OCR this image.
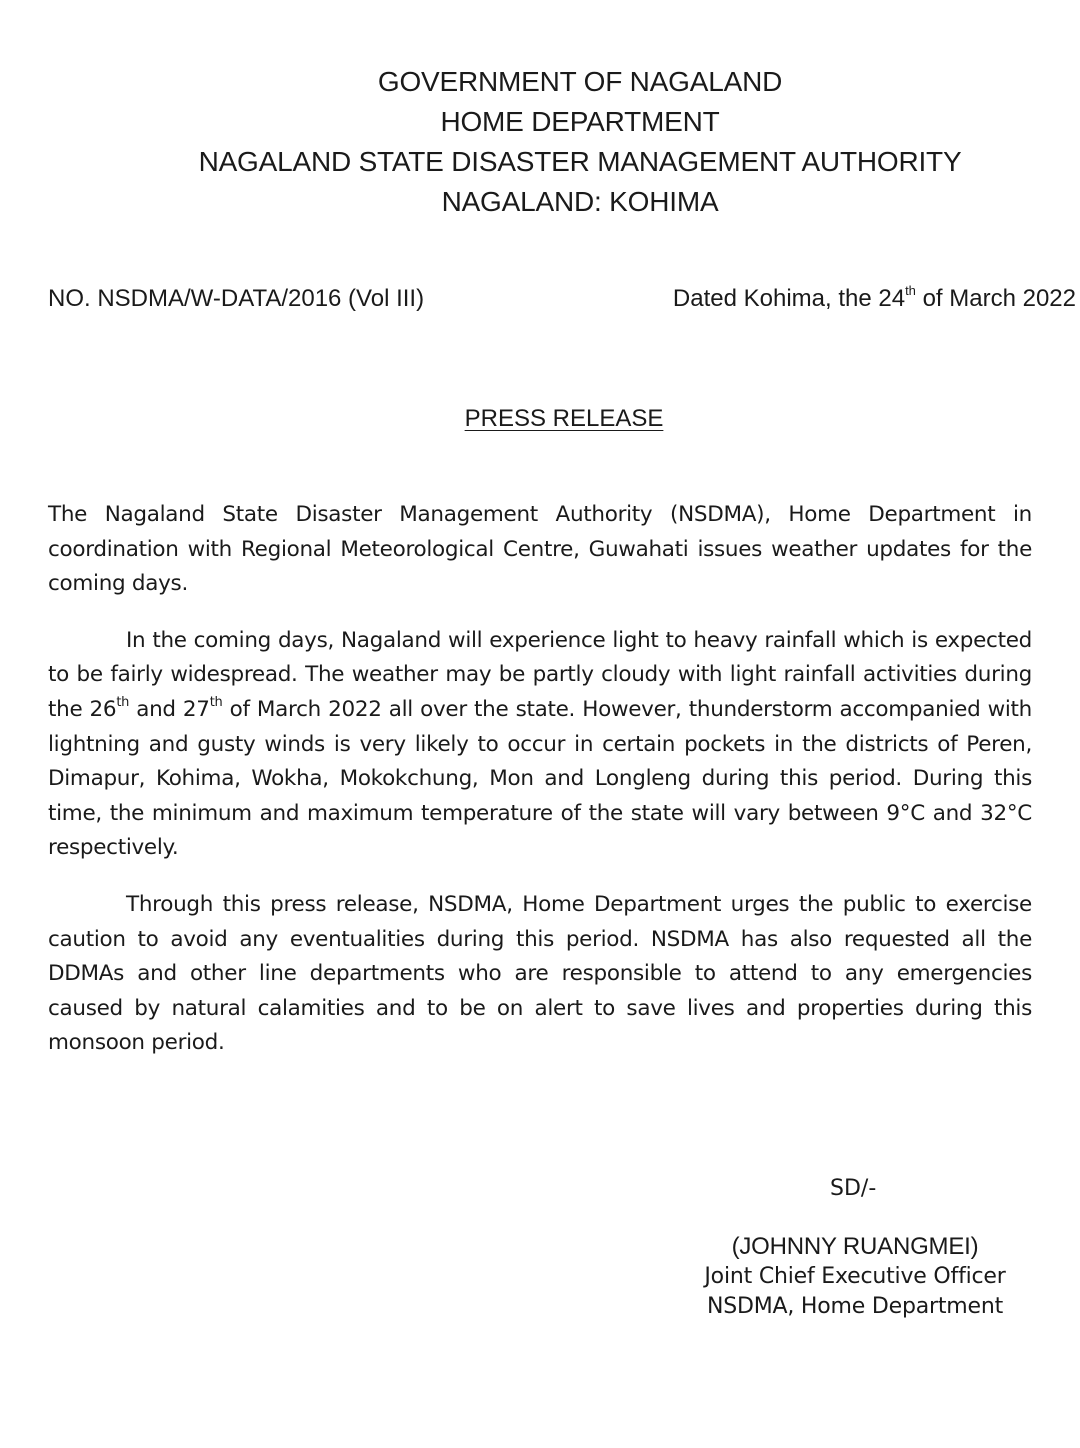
GOVERNMENT OF NAGALAND
HOME DEPARTMENT
NAGALAND STATE DISASTER MANAGEMENT AUTHORITY
NAGALAND: KOHIMA
NO. NSDMA/W-DATA/2016 (Vol III)	Dated Kohima, the 24th of March 2022
PRESS RELEASE

The Nagaland State Disaster Management Authority (NSDMA), Home Department in coordination with Regional Meteorological Centre, Guwahati issues weather updates for the coming days.

In the coming days, Nagaland will experience light to heavy rainfall which is expected to be fairly widespread. The weather may be partly cloudy with light rainfall activities during the 26th and 27th of March 2022 all over the state. However, thunderstorm accompanied with lightning and gusty winds is very likely to occur in certain pockets in the districts of Peren, Dimapur, Kohima, Wokha, Mokokchung, Mon and Longleng during this period. During this time, the minimum and maximum temperature of the state will vary between 9°C and 32°C respectively.

Through this press release, NSDMA, Home Department urges the public to exercise caution to avoid any eventualities during this period. NSDMA has also requested all the DDMAs and other line departments who are responsible to attend to any emergencies caused by natural calamities and to be on alert to save lives and properties during this monsoon period.

SD/-
(JOHNNY RUANGMEI)
Joint Chief Executive Officer
NSDMA, Home Department
